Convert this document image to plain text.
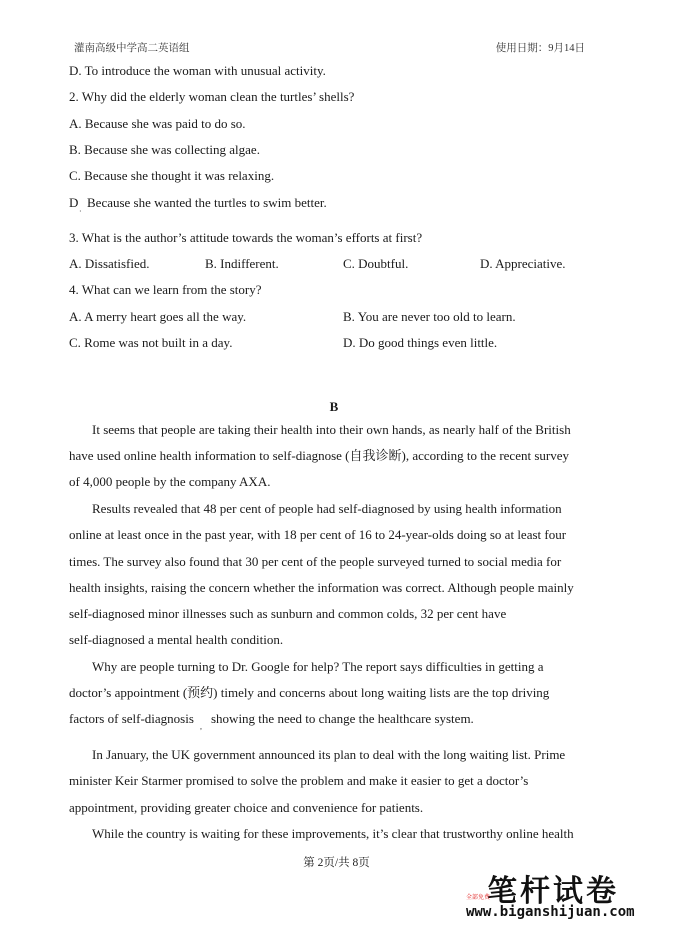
灌南高级中学高二英语组	使用日期：9月14日
D. To introduce the woman with unusual activity.
2. Why did the elderly woman clean the turtles’ shells?
A. Because she was paid to do so.
B. Because she was collecting algae.
C. Because she thought it was relaxing.
D
·
Because she wanted the turtles to swim better.
3. What is the author’s attitude towards the woman’s efforts at first?
A. Dissatisfied.	B. Indifferent.	C. Doubtful.	D. Appreciative.
4. What can we learn from the story?
A. A merry heart goes all the way.	B. You are never too old to learn.
C. Rome was not built in a day.	D. Do good things even little.
B
It seems that people are taking their health into their own hands, as nearly half of the British
have used online health information to self-diagnose (自我诊断), according to the recent survey
of 4,000 people by the company AXA.
Results revealed that 48 per cent of people had self-diagnosed by using health information
online at least once in the past year, with 18 per cent of 16 to 24-year-olds doing so at least four
times. The survey also found that 30 per cent of the people surveyed turned to social media for
health insights, raising the concern whether the information was correct. Although people mainly
self-diagnosed minor illnesses such as sunburn and common colds, 32 per cent have
self-diagnosed a mental health condition.
Why are people turning to Dr. Google for help? The report says difficulties in getting a
doctor’s appointment (预约) timely and concerns about long waiting lists are the top driving
factors of self-diagnosis
,
showing the need to change the healthcare system.
In January, the UK government announced its plan to deal with the long waiting list. Prime
minister Keir Starmer promised to solve the problem and make it easier to get a doctor’s
appointment, providing greater choice and convenience for patients.
While the country is waiting for these improvements, it’s clear that trustworthy online health
第 2页/共 8页
笔杆试卷
全部免费
www.biganshijuan.com
